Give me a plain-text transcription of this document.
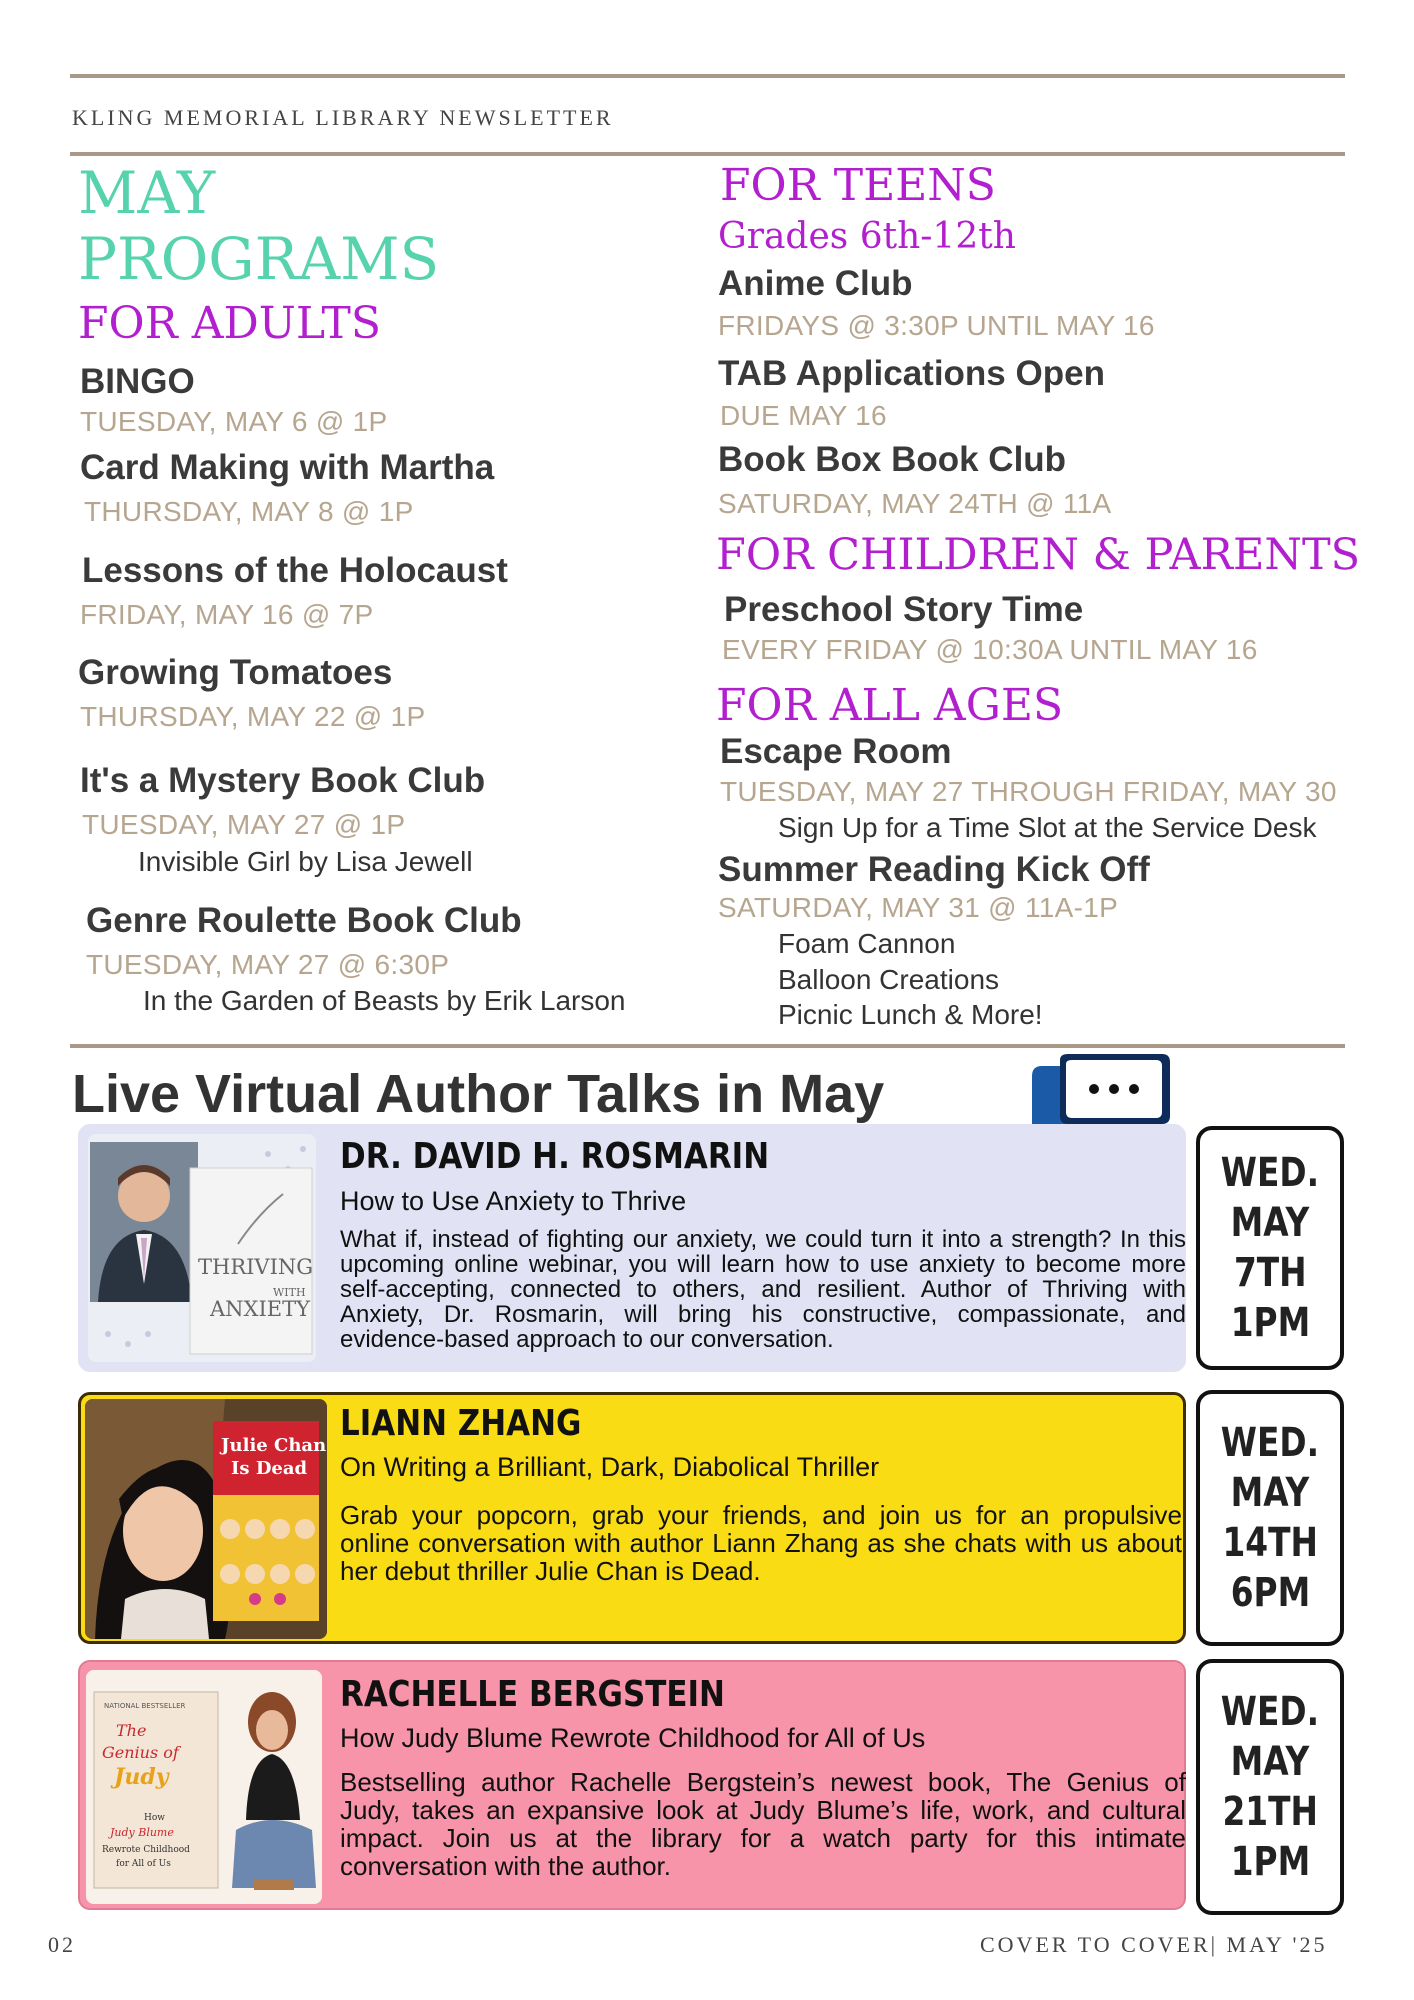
KLING MEMORIAL LIBRARY NEWSLETTER
MAY
PROGRAMS
FOR ADULTS
BINGO
TUESDAY, MAY 6 @ 1P
Card Making with Martha
THURSDAY, MAY 8 @ 1P
Lessons of the Holocaust
FRIDAY, MAY 16 @ 7P
Growing Tomatoes
THURSDAY, MAY 22 @ 1P
It's a Mystery Book Club
TUESDAY, MAY 27 @ 1P
Invisible Girl by Lisa Jewell
Genre Roulette Book Club
TUESDAY, MAY 27 @ 6:30P
In the Garden of Beasts by Erik Larson
FOR TEENS
Grades 6th-12th
Anime Club
FRIDAYS @ 3:30P UNTIL MAY 16
TAB Applications Open
DUE MAY 16
Book Box Book Club
SATURDAY, MAY 24TH @ 11A
FOR CHILDREN & PARENTS
Preschool Story Time
EVERY FRIDAY @ 10:30A UNTIL MAY 16
FOR ALL AGES
Escape Room
TUESDAY, MAY 27 THROUGH FRIDAY, MAY 30
Sign Up for a Time Slot at the Service Desk
Summer Reading Kick Off
SATURDAY, MAY 31 @ 11A-1P
Foam Cannon
Balloon Creations
Picnic Lunch & More!
Live Virtual Author Talks in May
THRIVING
WITH
ANXIETY
DR. DAVID H. ROSMARIN
How to Use Anxiety to Thrive
What if, instead of fighting our anxiety, we could turn it into a strength? In this upcoming online webinar, you will learn how to use anxiety to become more self-accepting, connected to others, and resilient. Author of Thriving with Anxiety, Dr. Rosmarin, will bring his constructive, compassionate, and evidence-based approach to our conversation.
WED.
MAY
7TH
1PM
Julie Chan
Is Dead
LIANN ZHANG
On Writing a Brilliant, Dark, Diabolical Thriller
Grab your popcorn, grab your friends, and join us for an propulsive online conversation with author Liann Zhang as she chats with us about her debut thriller Julie Chan is Dead.
WED.
MAY
14TH
6PM
NATIONAL BESTSELLER
The
Genius of
Judy
How
Judy Blume
Rewrote Childhood
for All of Us
RACHELLE BERGSTEIN
How Judy Blume Rewrote Childhood for All of Us
Bestselling author Rachelle Bergstein’s newest book, The Genius of Judy, takes an expansive look at Judy Blume’s life, work, and cultural impact. Join us at the library for a watch party for this intimate conversation with the author.
WED.
MAY
21TH
1PM
02	COVER TO COVER| MAY '25
